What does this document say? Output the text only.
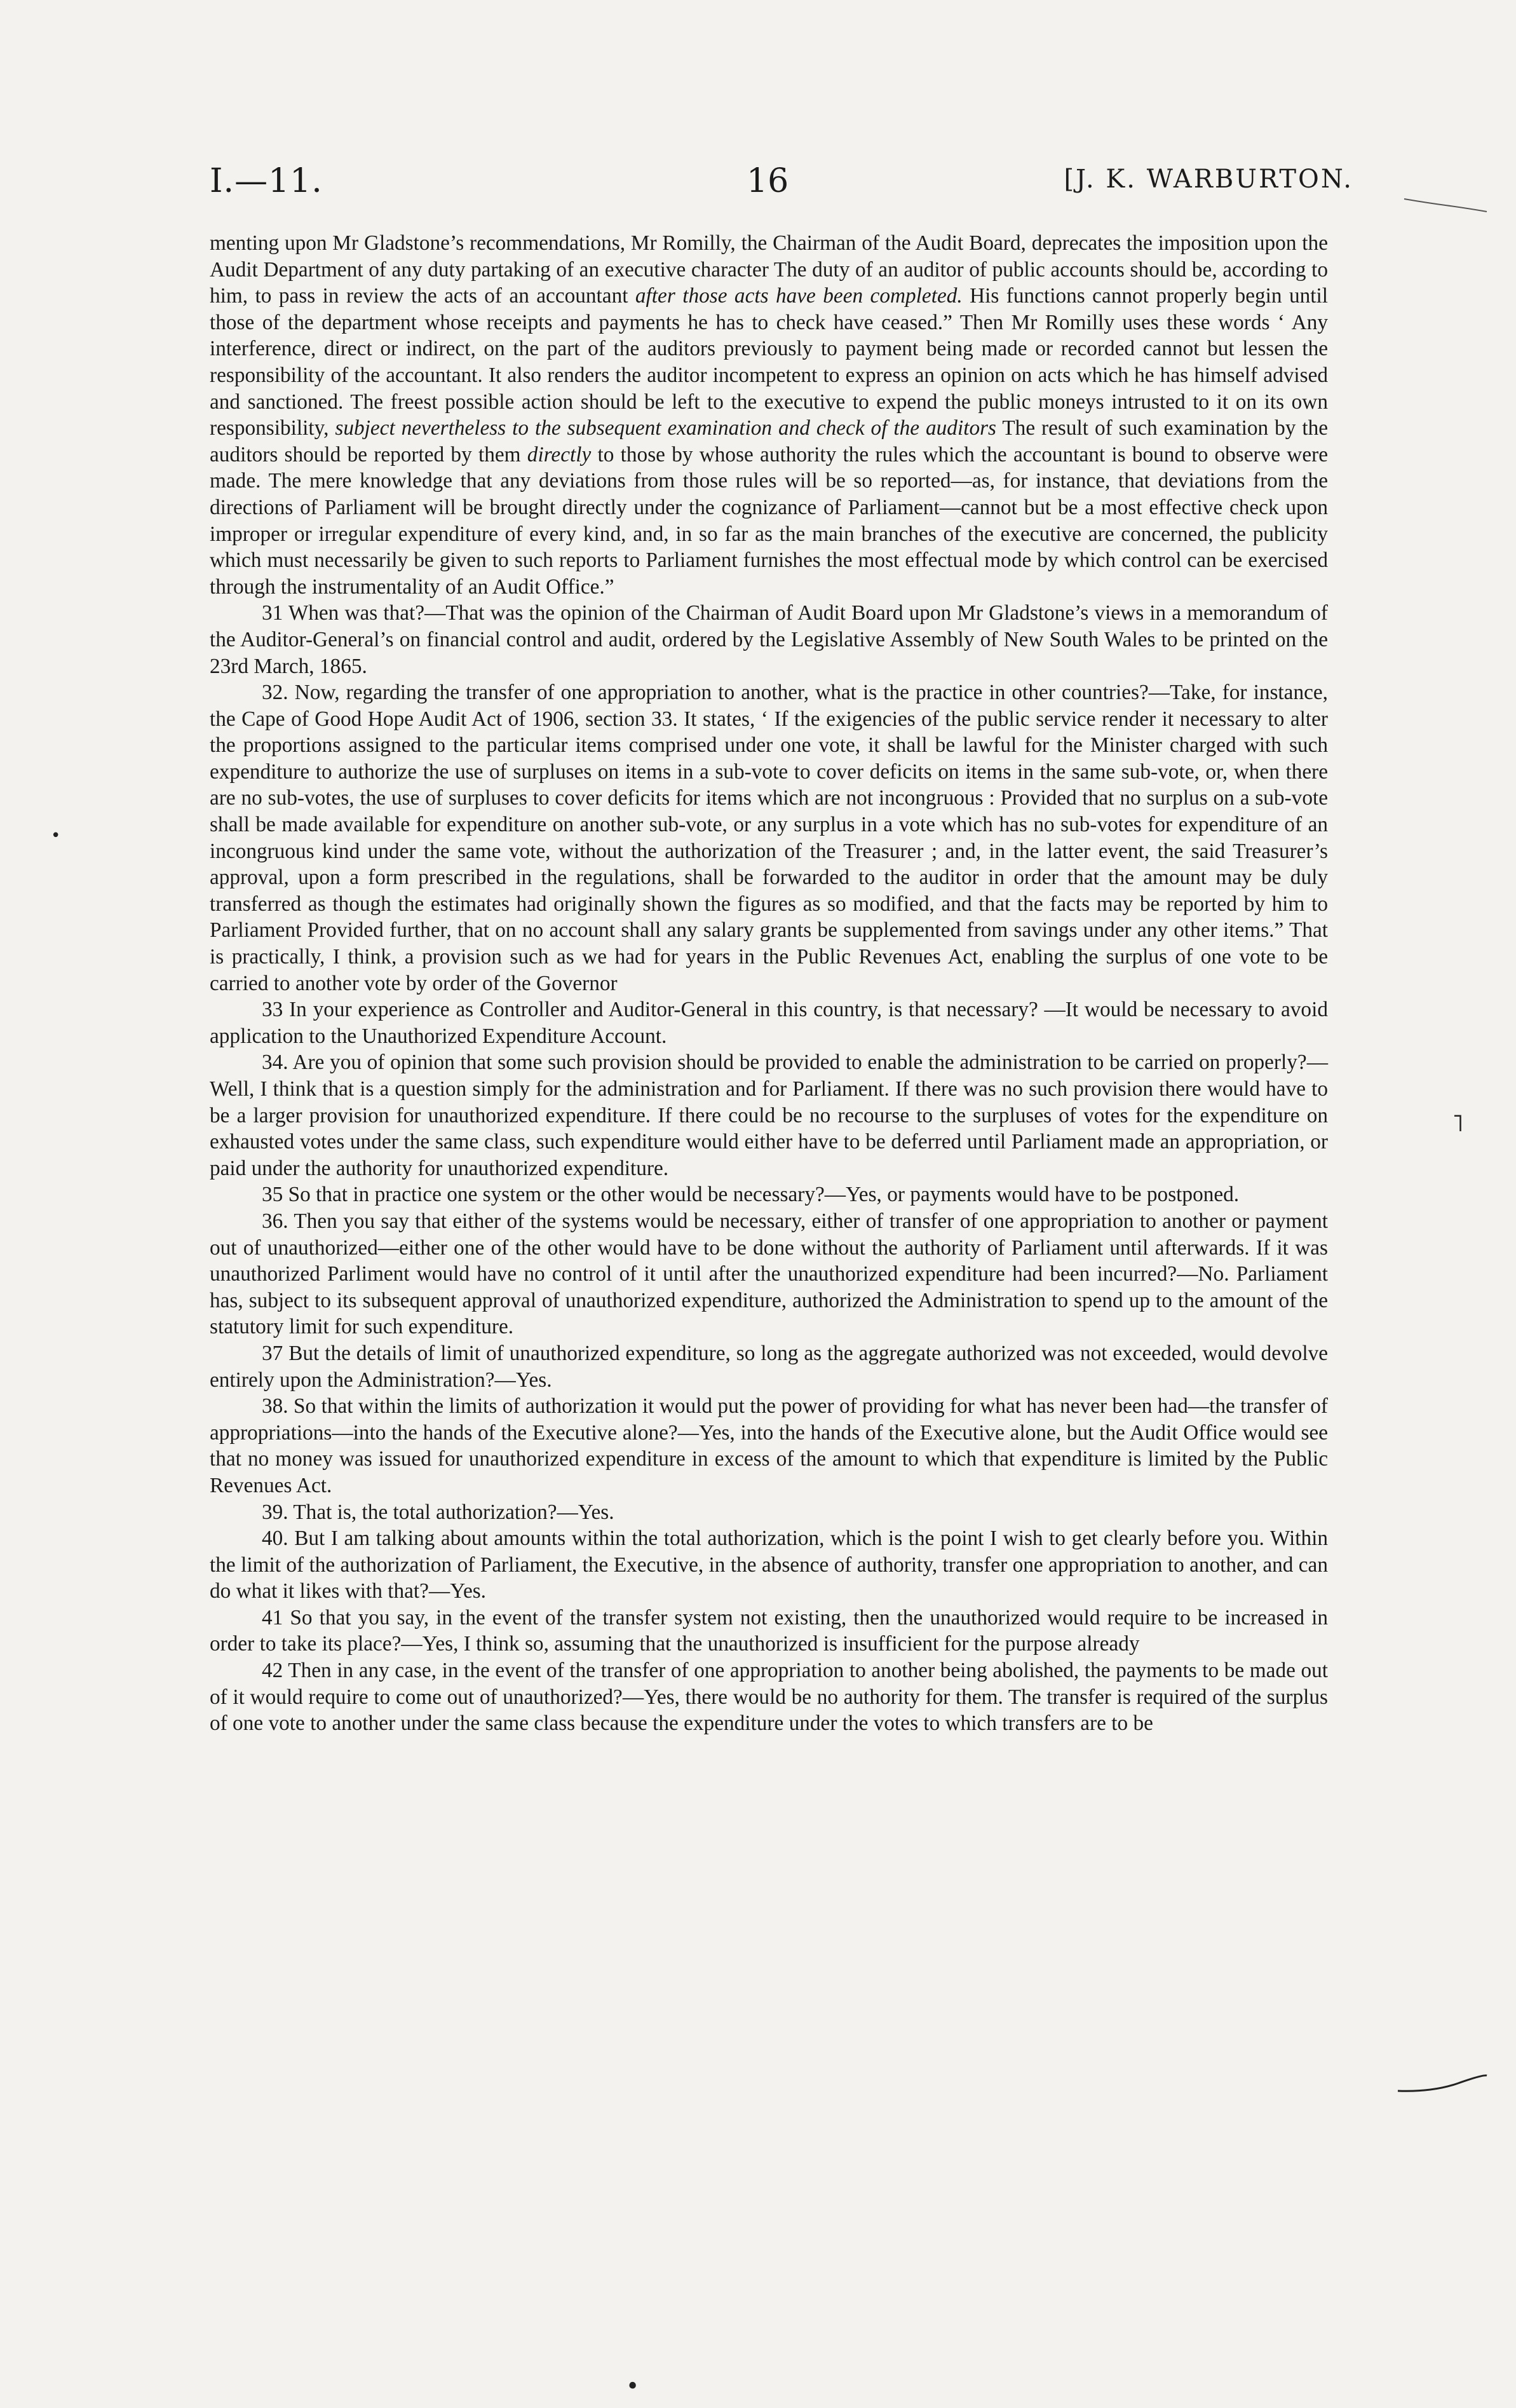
I.—11.	16	[J. K. WARBURTON.

menting upon Mr Gladstone’s recommendations, Mr Romilly, the Chairman of the Audit Board, deprecates the imposition upon the Audit Department of any duty partaking of an executive character The duty of an auditor of public accounts should be, according to him, to pass in review the acts of an accountant after those acts have been completed. His functions cannot properly begin until those of the department whose receipts and payments he has to check have ceased.” Then Mr Romilly uses these words ‘ Any interference, direct or indirect, on the part of the auditors previously to payment being made or recorded cannot but lessen the responsibility of the accountant. It also renders the auditor incompetent to express an opinion on acts which he has himself advised and sanctioned. The freest possible action should be left to the executive to expend the public moneys intrusted to it on its own responsibility, subject nevertheless to the subsequent examination and check of the auditors The result of such examination by the auditors should be reported by them directly to those by whose authority the rules which the accountant is bound to observe were made. The mere knowledge that any deviations from those rules will be so reported—as, for instance, that deviations from the directions of Parliament will be brought directly under the cognizance of Parliament—cannot but be a most effective check upon improper or irregular expenditure of every kind, and, in so far as the main branches of the executive are concerned, the publicity which must necessarily be given to such reports to Parliament furnishes the most effectual mode by which control can be exercised through the instrumentality of an Audit Office.”

31 When was that?—That was the opinion of the Chairman of Audit Board upon Mr Gladstone’s views in a memorandum of the Auditor-General’s on financial control and audit, ordered by the Legislative Assembly of New South Wales to be printed on the 23rd March, 1865.

32. Now, regarding the transfer of one appropriation to another, what is the practice in other countries?—Take, for instance, the Cape of Good Hope Audit Act of 1906, section 33. It states, ‘ If the exigencies of the public service render it necessary to alter the proportions assigned to the particular items comprised under one vote, it shall be lawful for the Minister charged with such expenditure to authorize the use of surpluses on items in a sub-vote to cover deficits on items in the same sub-vote, or, when there are no sub-votes, the use of surpluses to cover deficits for items which are not incongruous : Provided that no surplus on a sub-vote shall be made available for expenditure on another sub-vote, or any surplus in a vote which has no sub-votes for expenditure of an incongruous kind under the same vote, without the authorization of the Treasurer ; and, in the latter event, the said Treasurer’s approval, upon a form prescribed in the regulations, shall be forwarded to the auditor in order that the amount may be duly transferred as though the estimates had originally shown the figures as so modified, and that the facts may be reported by him to Parliament Provided further, that on no account shall any salary grants be supplemented from savings under any other items.” That is practically, I think, a provision such as we had for years in the Public Revenues Act, enabling the surplus of one vote to be carried to another vote by order of the Governor

33 In your experience as Controller and Auditor-General in this country, is that necessary? —It would be necessary to avoid application to the Unauthorized Expenditure Account.

34. Are you of opinion that some such provision should be provided to enable the administration to be carried on properly?—Well, I think that is a question simply for the administration and for Parliament. If there was no such provision there would have to be a larger provision for unauthorized expenditure. If there could be no recourse to the surpluses of votes for the expenditure on exhausted votes under the same class, such expenditure would either have to be deferred until Parliament made an appropriation, or paid under the authority for unauthorized expenditure.

35 So that in practice one system or the other would be necessary?—Yes, or payments would have to be postponed.

36. Then you say that either of the systems would be necessary, either of transfer of one appropriation to another or payment out of unauthorized—either one of the other would have to be done without the authority of Parliament until afterwards. If it was unauthorized Parliment would have no control of it until after the unauthorized expenditure had been incurred?—No. Parliament has, subject to its subsequent approval of unauthorized expenditure, authorized the Administration to spend up to the amount of the statutory limit for such expenditure.

37 But the details of limit of unauthorized expenditure, so long as the aggregate authorized was not exceeded, would devolve entirely upon the Administration?—Yes.

38. So that within the limits of authorization it would put the power of providing for what has never been had—the transfer of appropriations—into the hands of the Executive alone?—Yes, into the hands of the Executive alone, but the Audit Office would see that no money was issued for unauthorized expenditure in excess of the amount to which that expenditure is limited by the Public Revenues Act.

39. That is, the total authorization?—Yes.

40. But I am talking about amounts within the total authorization, which is the point I wish to get clearly before you. Within the limit of the authorization of Parliament, the Executive, in the absence of authority, transfer one appropriation to another, and can do what it likes with that?—Yes.

41 So that you say, in the event of the transfer system not existing, then the unauthorized would require to be increased in order to take its place?—Yes, I think so, assuming that the unauthorized is insufficient for the purpose already

42 Then in any case, in the event of the transfer of one appropriation to another being abolished, the payments to be made out of it would require to come out of unauthorized?—Yes, there would be no authority for them. The transfer is required of the surplus of one vote to another under the same class because the expenditure under the votes to which transfers are to be

•
•
˥
